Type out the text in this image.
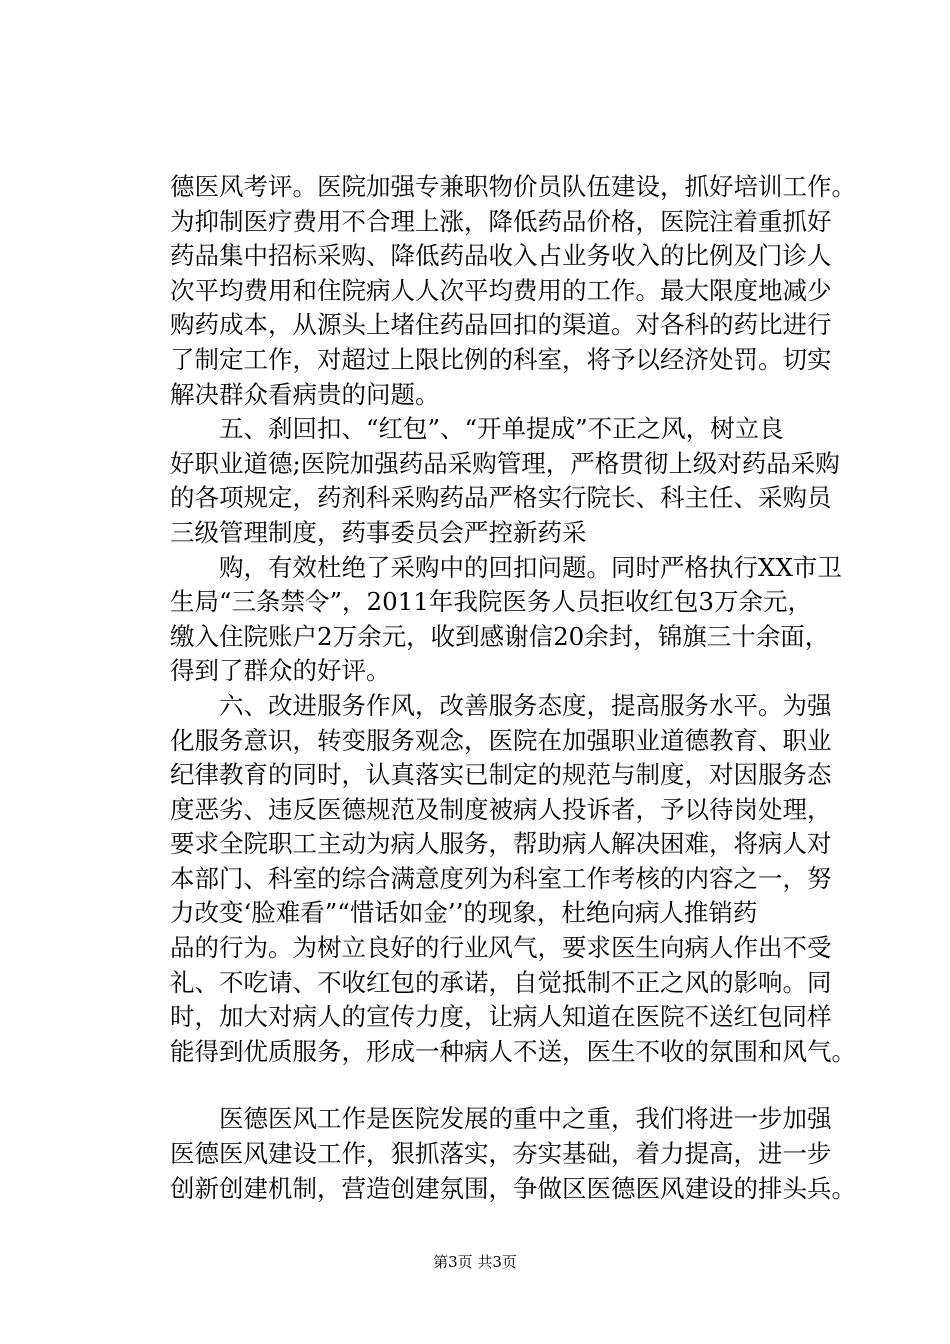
德医风考评。医院加强专兼职物价员队伍建设，抓好培训工作。
为抑制医疗费用不合理上涨，降低药品价格，医院注着重抓好
药品集中招标采购、降低药品收入占业务收入的比例及门诊人
次平均费用和住院病人人次平均费用的工作。最大限度地减少
购药成本，从源头上堵住药品回扣的渠道。对各科的药比进行
了制定工作，对超过上限比例的科室，将予以经济处罚。切实
解决群众看病贵的问题。

　　五、刹回扣、“红包”、“开单提成”不正之风，树立良
好职业道德;医院加强药品采购管理，严格贯彻上级对药品采购
的各项规定，药剂科采购药品严格实行院长、科主任、采购员
三级管理制度，药事委员会严控新药采

　　购，有效杜绝了采购中的回扣问题。同时严格执行XX市卫
生局“三条禁令”，2011年我院医务人员拒收红包3万余元，
缴入住院账户2万余元，收到感谢信20余封，锦旗三十余面，
得到了群众的好评。

　　六、改进服务作风，改善服务态度，提高服务水平。为强
化服务意识，转变服务观念，医院在加强职业道德教育、职业
纪律教育的同时，认真落实已制定的规范与制度，对因服务态
度恶劣、违反医德规范及制度被病人投诉者，予以待岗处理，
要求全院职工主动为病人服务，帮助病人解决困难，将病人对
本部门、科室的综合满意度列为科室工作考核的内容之一，努
力改变‘脸难看”“惜话如金’’的现象，杜绝向病人推销药
品的行为。为树立良好的行业风气，要求医生向病人作出不受
礼、不吃请、不收红包的承诺，自觉抵制不正之风的影响。同
时，加大对病人的宣传力度，让病人知道在医院不送红包同样
能得到优质服务，形成一种病人不送，医生不收的氛围和风气。

　　医德医风工作是医院发展的重中之重，我们将进一步加强
医德医风建设工作，狠抓落实，夯实基础，着力提高，进一步
创新创建机制，营造创建氛围，争做区医德医风建设的排头兵。

第3页 共3页
